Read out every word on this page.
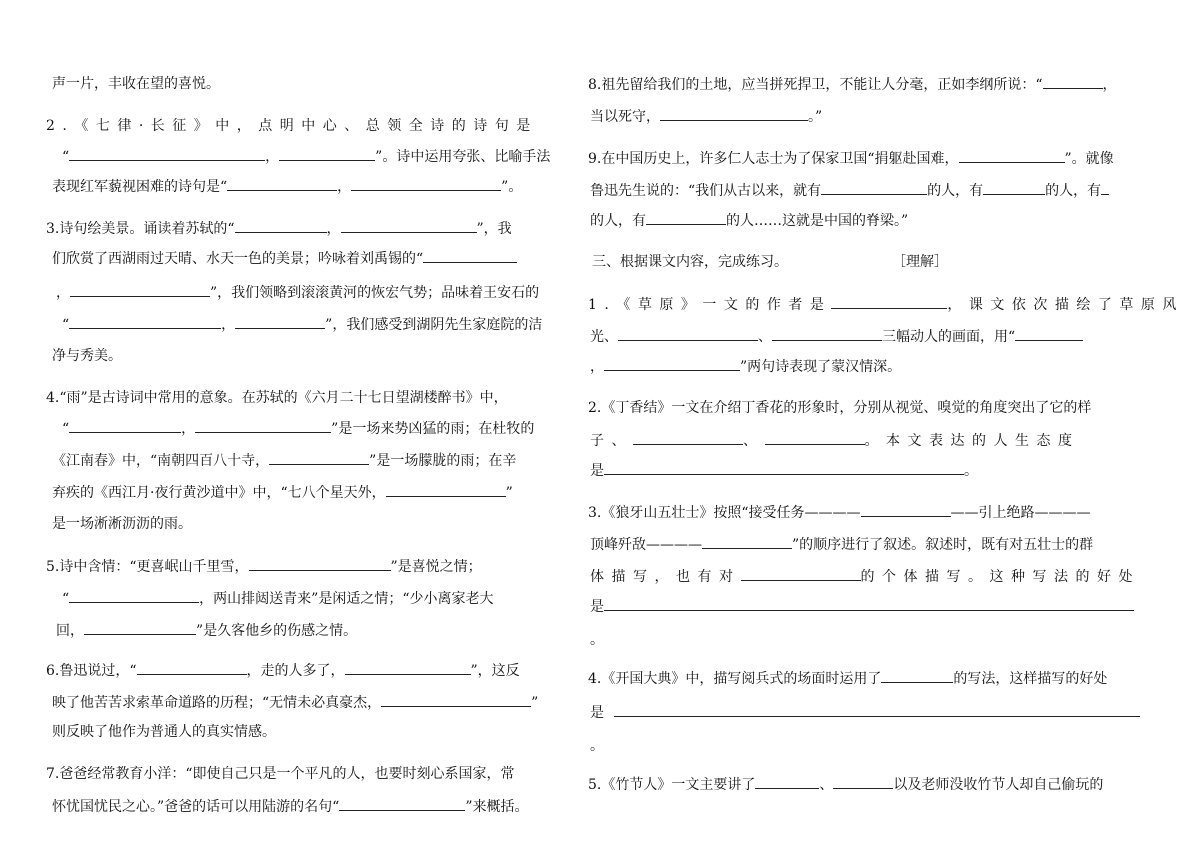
声一片，丰收在望的喜悦。
2.《七律·长征》中，点明中心、总领全诗的诗句是
“	，	”。诗中运用夸张、比喻手法
表现红军藐视困难的诗句是“	，	”。
3.诗句绘美景。诵读着苏轼的“	，	”，我
们欣赏了西湖雨过天晴、水天一色的美景；吟咏着刘禹锡的“
，	”，我们领略到滚滚黄河的恢宏气势；品味着王安石的
“	，	”，我们感受到湖阴先生家庭院的洁
净与秀美。
4.“雨”是古诗词中常用的意象。在苏轼的《六月二十七日望湖楼醉书》中，
“	，	”是一场来势凶猛的雨；在杜牧的
《江南春》中，“南朝四百八十寺，	”是一场朦胧的雨；在辛
弃疾的《西江月·夜行黄沙道中》中，“七八个星天外，	”
是一场淅淅沥沥的雨。
5.诗中含情：“更喜岷山千里雪，	”是喜悦之情；
“	，两山排闼送青来”是闲适之情；“少小离家老大
回，	”是久客他乡的伤感之情。
6.鲁迅说过，“	，走的人多了，	”，这反
映了他苦苦求索革命道路的历程；“无情未必真豪杰，	”
则反映了他作为普通人的真实情感。
7.爸爸经常教育小洋：“即使自己只是一个平凡的人，也要时刻心系国家，常
怀忧国忧民之心。”爸爸的话可以用陆游的名句“	”来概括。
8.祖先留给我们的土地，应当拼死捍卫，不能让人分毫，正如李纲所说：“	，
当以死守，	。”
9.在中国历史上，许多仁人志士为了保家卫国“捐躯赴国难，	”。就像
鲁迅先生说的：“我们从古以来，就有	的人，有	的人，有
的人，有	的人……这就是中国的脊梁。”
三、根据课文内容，完成练习。	［理解］
1.《草原》一文的作者是	，课文依次描绘了草原风
光、	、	三幅动人的画面，用“
，	”两句诗表现了蒙汉情深。
2.《丁香结》一文在介绍丁香花的形象时，分别从视觉、嗅觉的角度突出了它的样
子、	、	。本文表达的人生态度
是	。
3.《狼牙山五壮士》按照“接受任务————	——引上绝路————
顶峰歼敌————	”的顺序进行了叙述。叙述时，既有对五壮士的群
体描写，也有对	的个体描写。这种写法的好处
是
。
4.《开国大典》中，描写阅兵式的场面时运用了	的写法，这样描写的好处
是
。
5.《竹节人》一文主要讲了	、	以及老师没收竹节人却自己偷玩的
